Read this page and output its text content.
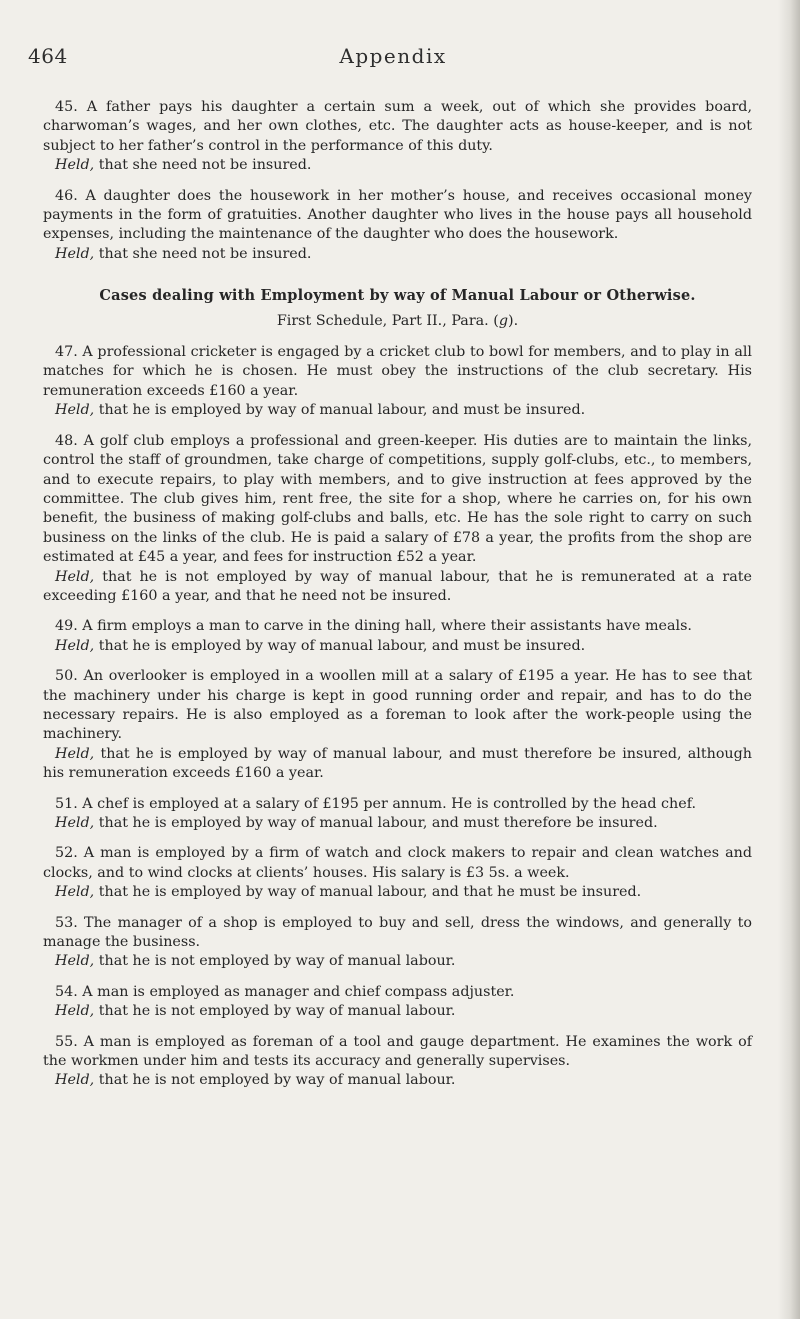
464	Appendix

45. A father pays his daughter a certain sum a week, out of which she provides board, charwoman’s wages, and her own clothes, etc. The daughter acts as house-keeper, and is not subject to her father’s control in the performance of this duty.

Held, that she need not be insured.

46. A daughter does the housework in her mother’s house, and receives occasional money payments in the form of gratuities. Another daughter who lives in the house pays all household expenses, including the maintenance of the daughter who does the housework.

Held, that she need not be insured.

Cases dealing with Employment by way of Manual Labour or Otherwise.
First Schedule, Part II., Para. (g).

47. A professional cricketer is engaged by a cricket club to bowl for members, and to play in all matches for which he is chosen. He must obey the instructions of the club secretary. His remuneration exceeds £160 a year.

Held, that he is employed by way of manual labour, and must be insured.

48. A golf club employs a professional and green-keeper. His duties are to maintain the links, control the staff of groundmen, take charge of competitions, supply golf-clubs, etc., to members, and to execute repairs, to play with members, and to give instruction at fees approved by the committee. The club gives him, rent free, the site for a shop, where he carries on, for his own benefit, the business of making golf-clubs and balls, etc. He has the sole right to carry on such business on the links of the club. He is paid a salary of £78 a year, the profits from the shop are estimated at £45 a year, and fees for instruction £52 a year.

Held, that he is not employed by way of manual labour, that he is remunerated at a rate exceeding £160 a year, and that he need not be insured.

49. A firm employs a man to carve in the dining hall, where their assistants have meals.

Held, that he is employed by way of manual labour, and must be insured.

50. An overlooker is employed in a woollen mill at a salary of £195 a year. He has to see that the machinery under his charge is kept in good running order and repair, and has to do the necessary repairs. He is also employed as a foreman to look after the work-people using the machinery.

Held, that he is employed by way of manual labour, and must therefore be insured, although his remuneration exceeds £160 a year.

51. A chef is employed at a salary of £195 per annum. He is controlled by the head chef.

Held, that he is employed by way of manual labour, and must therefore be insured.

52. A man is employed by a firm of watch and clock makers to repair and clean watches and clocks, and to wind clocks at clients’ houses. His salary is £3 5s. a week.

Held, that he is employed by way of manual labour, and that he must be insured.

53. The manager of a shop is employed to buy and sell, dress the windows, and generally to manage the business.

Held, that he is not employed by way of manual labour.

54. A man is employed as manager and chief compass adjuster.

Held, that he is not employed by way of manual labour.

55. A man is employed as foreman of a tool and gauge department. He examines the work of the workmen under him and tests its accuracy and generally supervises.

Held, that he is not employed by way of manual labour.
